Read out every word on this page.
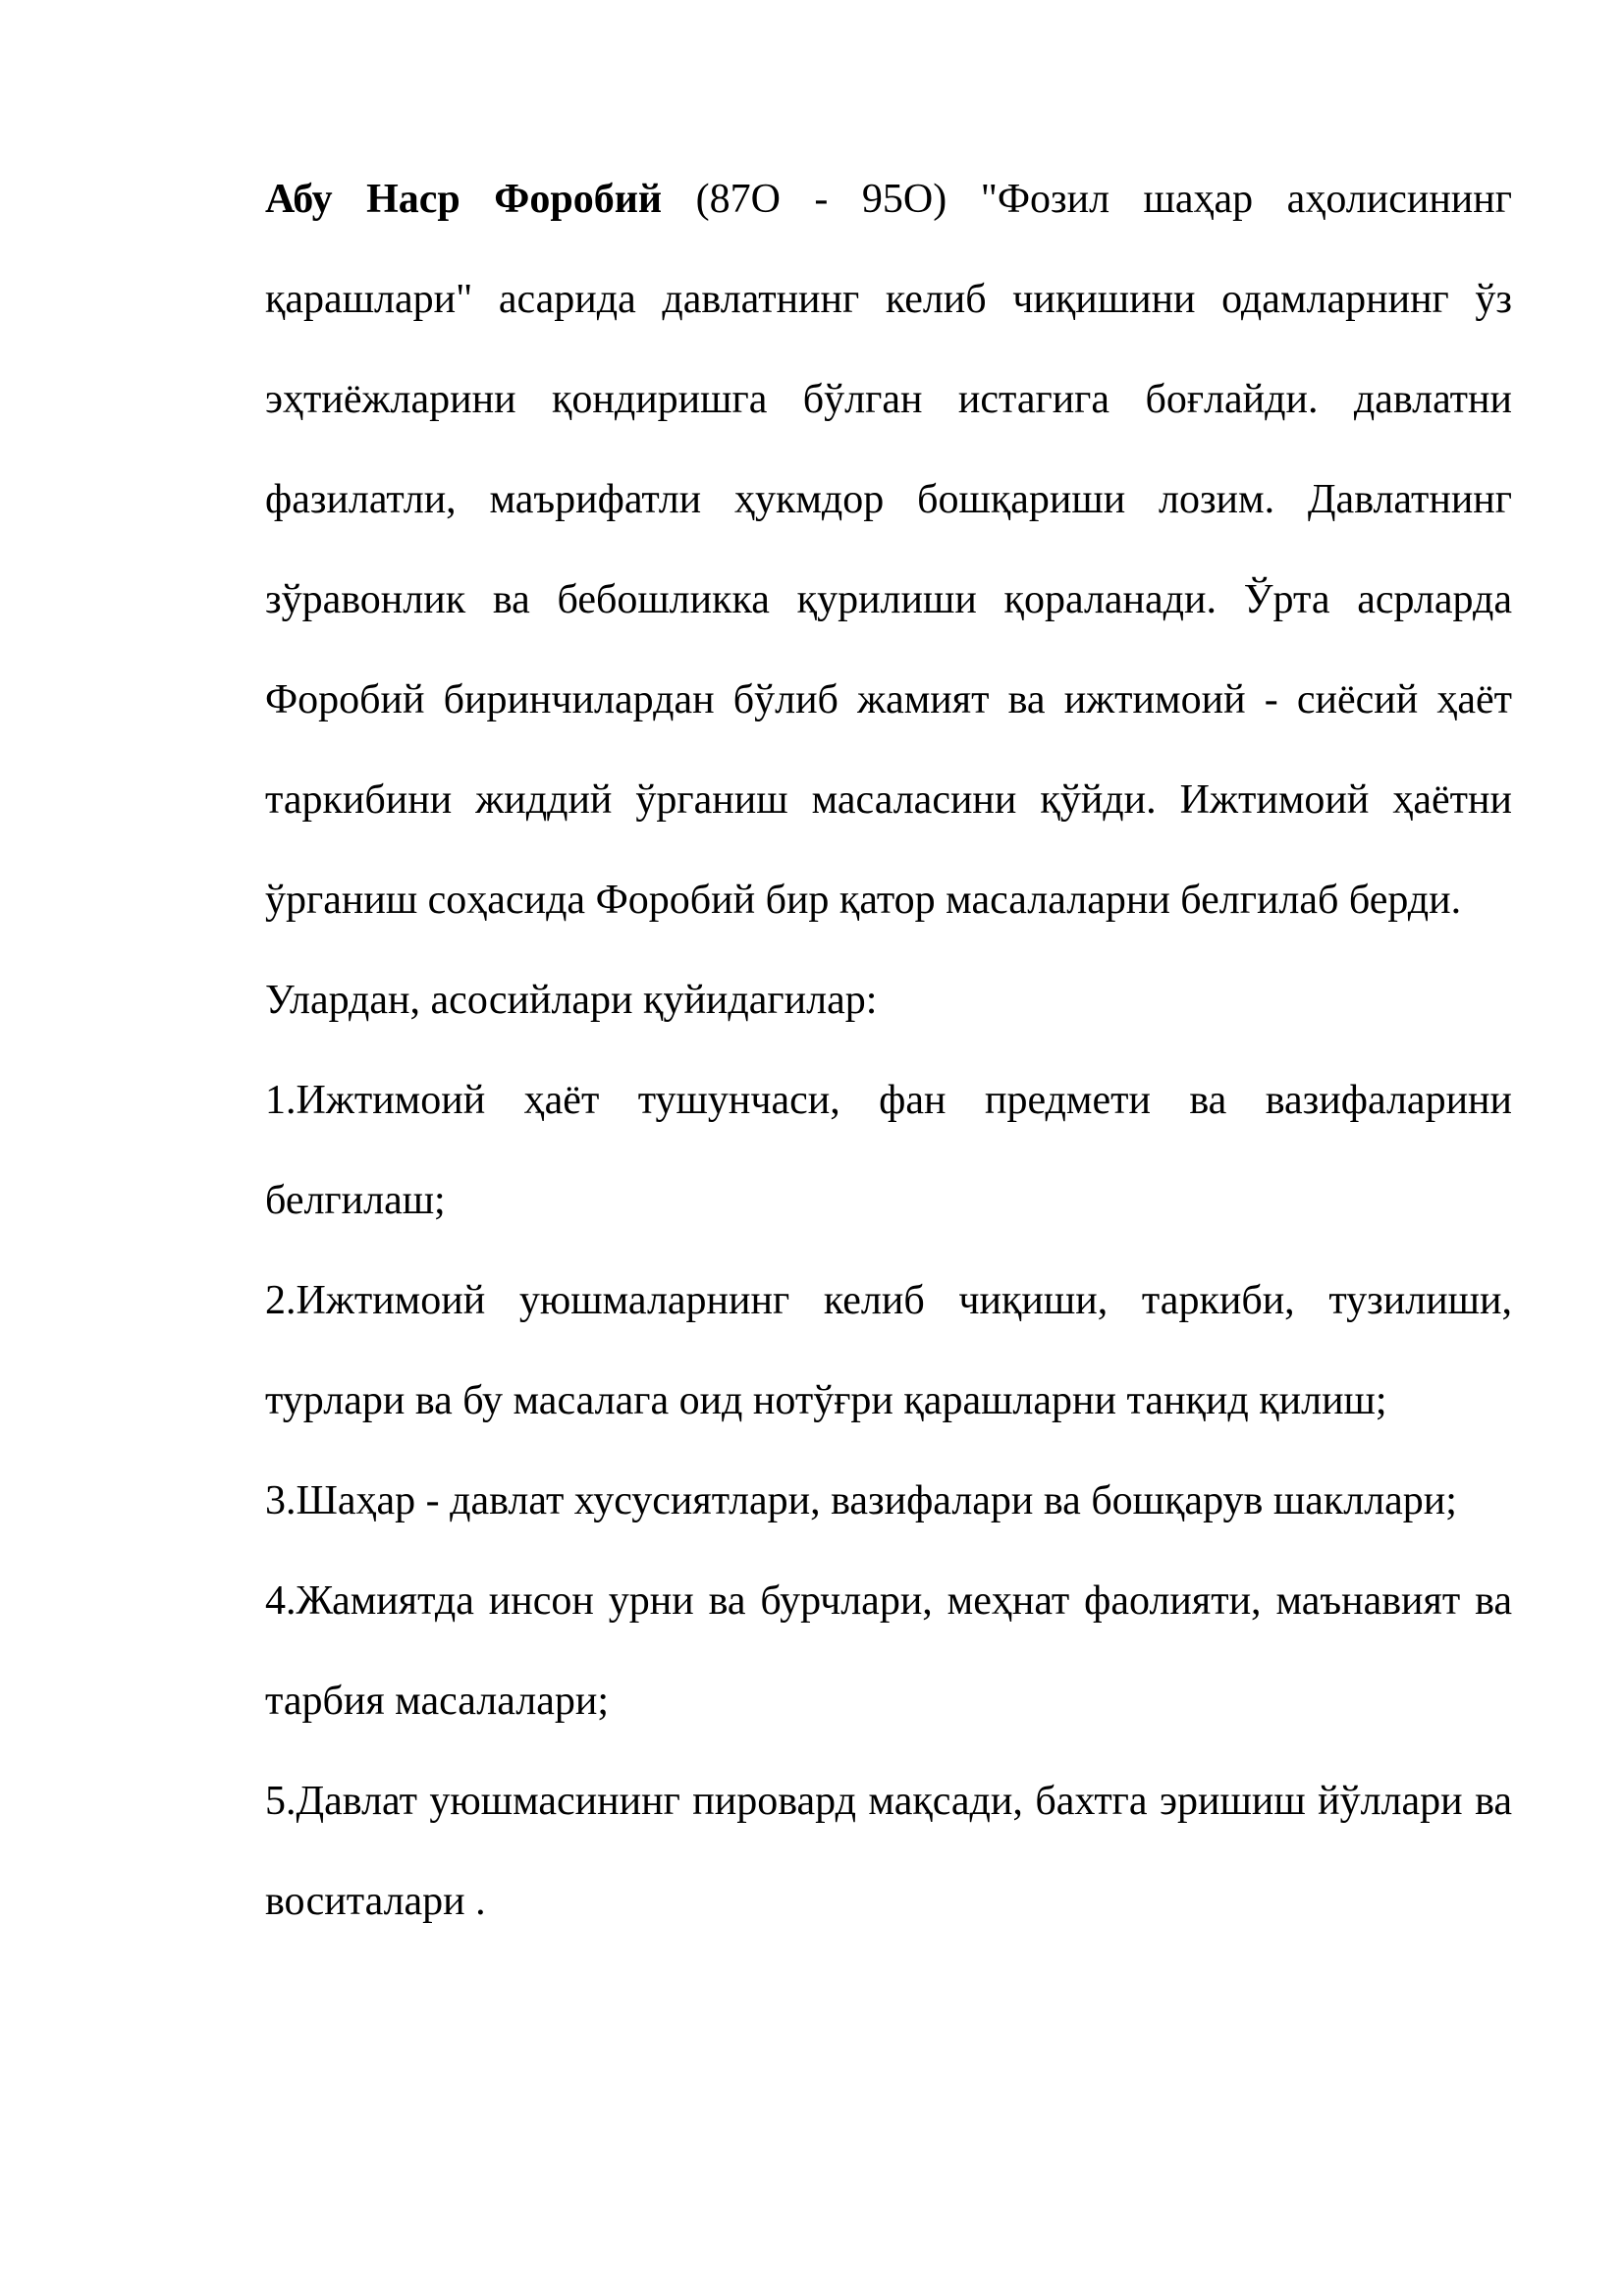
Абу Наср Форобий (87О - 95О) "Фозил шаҳар аҳолисининг қарашлари" асарида давлатнинг келиб чиқишини одамларнинг ўз эҳтиёжларини қондиришга бўлган истагига боғлайди. давлатни фазилатли, маърифатли ҳукмдор бошқариши лозим. Давлатнинг зўравонлик ва бебошликка қурилиши қораланади. Ўрта асрларда Форобий биринчилардан бўлиб жамият ва ижтимоий - сиёсий ҳаёт таркибини жиддий ўрганиш масаласини қўйди. Ижтимоий ҳаётни ўрганиш соҳасида Форобий бир қатор масалаларни белгилаб берди.

Улардан, асосийлари қуйидагилар:

1.Ижтимоий ҳаёт тушунчаси, фан предмети ва вазифаларини белгилаш;

2.Ижтимоий уюшмаларнинг келиб чиқиши, таркиби, тузилиши, турлари ва бу масалага оид нотўғри қарашларни танқид қилиш;

3.Шаҳар - давлат хусусиятлари, вазифалари ва бошқарув шакллари;

4.Жамиятда инсон урни ва бурчлари, меҳнат фаолияти, маънавият ва тарбия масалалари;

5.Давлат уюшмасининг пировард мақсади, бахтга эришиш йўллари ва воситалари .
